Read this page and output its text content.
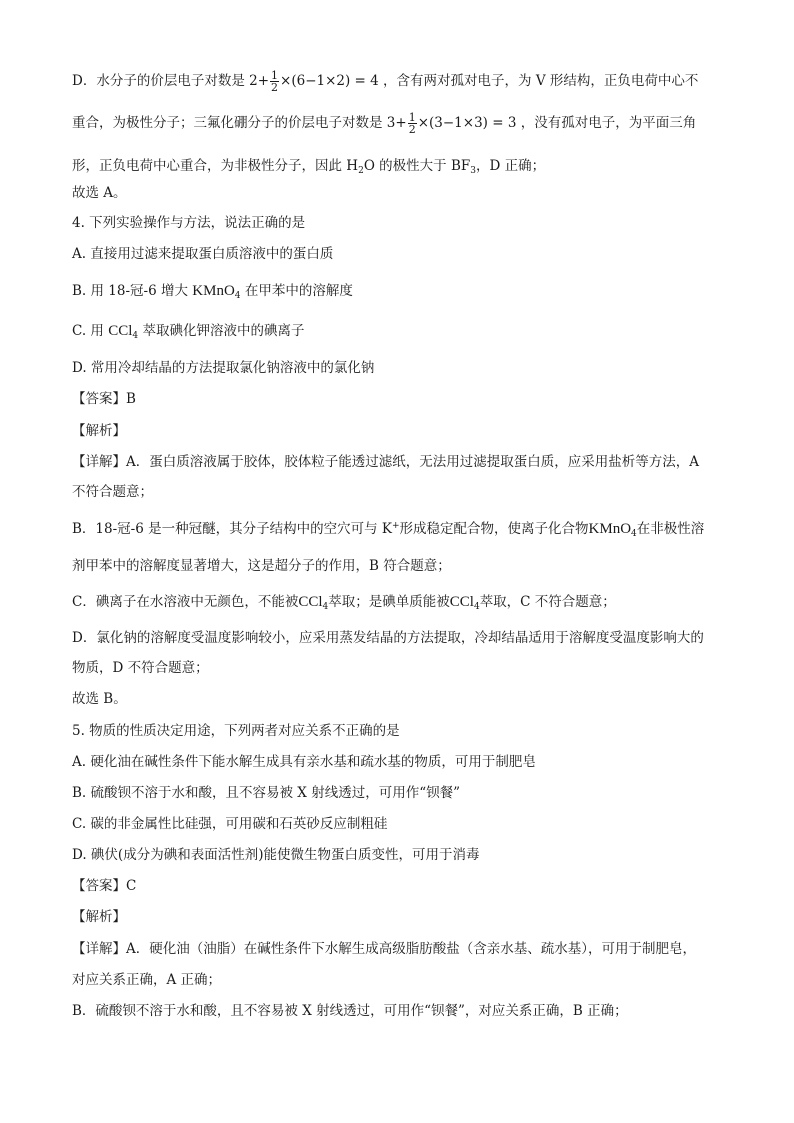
D．水分子的价层电子对数是 $2+ \frac{1}{2} \times(6-1\times 2) = 4$ ，含有两对孤对电子，为 V 形结构，正负电荷中心不
重合，为极性分子；三氟化硼分子的价层电子对数是 $3+ \frac{1}{2} \times(3-1\times 3) = 3$ ，没有孤对电子，为平面三角
形，正负电荷中心重合，为非极性分子，因此 $H_2O$ 的极性大于 $BF_3$，D 正确；
故选 A。
4. 下列实验操作与方法，说法正确的是
A. 直接用过滤来提取蛋白质溶液中的蛋白质
B. 用 18-冠-6 增大 KMnO$_4$ 在甲苯中的溶解度
C. 用 CCl$_4$ 萃取碘化钾溶液中的碘离子
D. 常用冷却结晶的方法提取氯化钠溶液中的氯化钠
【答案】B
【解析】
【详解】A．蛋白质溶液属于胶体，胶体粒子能透过滤纸，无法用过滤提取蛋白质，应采用盐析等方法，A
不符合题意；
B．18-冠-6 是一种冠醚，其分子结构中的空穴可与 K+形成稳定配合物，使离子化合物KMnO$_4$在非极性溶
剂甲苯中的溶解度显著增大，这是超分子的作用，B 符合题意；
C．碘离子在水溶液中无颜色，不能被CCl$_4$萃取；是碘单质能被CCl$_4$萃取，C 不符合题意；
D．氯化钠的溶解度受温度影响较小，应采用蒸发结晶的方法提取，冷却结晶适用于溶解度受温度影响大的
物质，D 不符合题意；
故选 B。
5. 物质的性质决定用途，下列两者对应关系不正确的是
A. 硬化油在碱性条件下能水解生成具有亲水基和疏水基的物质，可用于制肥皂
B. 硫酸钡不溶于水和酸，且不容易被 X 射线透过，可用作“钡餐”
C. 碳的非金属性比硅强，可用碳和石英砂反应制粗硅
D. 碘伏(成分为碘和表面活性剂)能使微生物蛋白质变性，可用于消毒
【答案】C
【解析】
【详解】A．硬化油（油脂）在碱性条件下水解生成高级脂肪酸盐（含亲水基、疏水基），可用于制肥皂，
对应关系正确，A 正确；
B．硫酸钡不溶于水和酸，且不容易被 X 射线透过，可用作“钡餐”，对应关系正确，B 正确；
